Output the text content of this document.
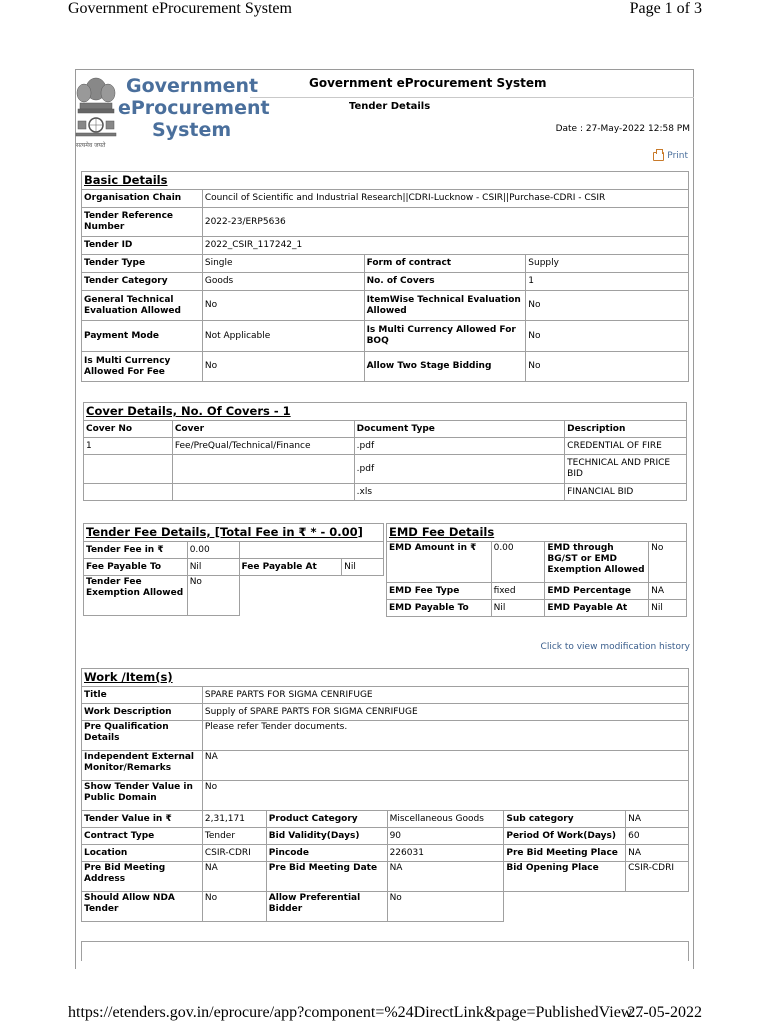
Government eProcurement System	Page 1 of 3
सत्यमेव जयते
Government
eProcurement
System
Government eProcurement System
Tender Details
Date : 27-May-2022 12:58 PM
Print
Basic Details			
Organisation Chain	Council of Scientific and Industrial Research||CDRI-Lucknow - CSIR||Purchase-CDRI - CSIR		
Tender Reference Number	2022-23/ERP5636		
Tender ID	2022_CSIR_117242_1		
Tender Type	Single	Form of contract	Supply
Tender Category	Goods	No. of Covers	1
General Technical Evaluation Allowed	No	ItemWise Technical Evaluation Allowed	No
Payment Mode	Not Applicable	Is Multi Currency Allowed For BOQ	No
Is Multi Currency Allowed For Fee	No	Allow Two Stage Bidding	No
Cover Details, No. Of Covers - 1			
Cover No	Cover	Document Type	Description
1	Fee/PreQual/Technical/Finance	.pdf	CREDENTIAL OF FIRE
		.pdf	TECHNICAL AND PRICE BID
		.xls	FINANCIAL BID
Tender Fee Details, [Total Fee in ₹ * - 0.00]			
Tender Fee in ₹	0.00		
Fee Payable To	Nil	Fee Payable At	Nil
Tender Fee Exemption Allowed	No		
EMD Fee Details			
EMD Amount in ₹	0.00	EMD through BG/ST or EMD Exemption Allowed	No
EMD Fee Type	fixed	EMD Percentage	NA
EMD Payable To	Nil	EMD Payable At	Nil
Click to view modification history
Work /Item(s)					
Title	SPARE PARTS FOR SIGMA CENRIFUGE				
Work Description	Supply of SPARE PARTS FOR SIGMA CENRIFUGE				
Pre Qualification Details	Please refer Tender documents.				
Independent External Monitor/Remarks	NA				
Show Tender Value in Public Domain	No				
Tender Value in ₹	2,31,171	Product Category	Miscellaneous Goods	Sub category	NA
Contract Type	Tender	Bid Validity(Days)	90	Period Of Work(Days)	60
Location	CSIR-CDRI	Pincode	226031	Pre Bid Meeting Place	NA
Pre Bid Meeting Address	NA	Pre Bid Meeting Date	NA	Bid Opening Place	CSIR-CDRI
Should Allow NDA Tender	No	Allow Preferential Bidder	No		
https://etenders.gov.in/eprocure/app?component=%24DirectLink&page=PublishedView...
27-05-2022
